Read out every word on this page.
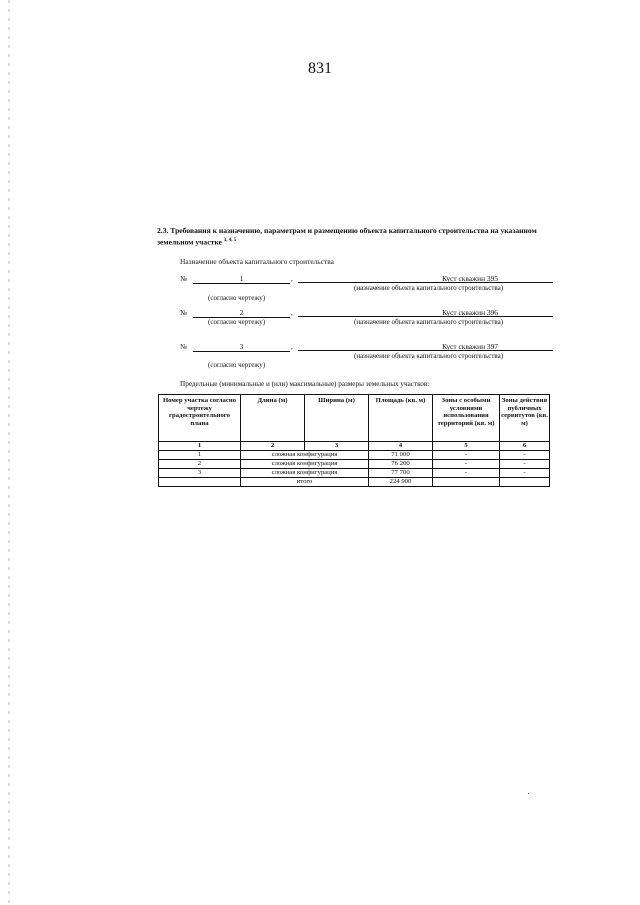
831
2.3. Требования к назначению, параметрам и размещению объекта капитального строительства на указанном земельном участке $^{3, 4, 5}$
Назначение объекта капитального строительства
№	1	,	Куст скважин 395
(согласно чертежу)
(назначение объекта капитального строительства)
№	2	,	Куст скважин 396
(согласно чертежу)	(назначение объекта капитального строительства)
№	3	,	Куст скважин 397
(согласно чертежу)
(назначение объекта капитального строительства)
Предельные (минимальные и (или) максимальные) размеры земельных участков:
Номер участка согласно чертежу градостроительного плана	Длина (м)	Ширина (м)	Площадь (кв. м)	Зоны с особыми условиями использования территорий (кв. м)	Зоны действия публичных сервитутов (кв. м)
1	2	3	4	5	6
1	сложная конфигурация		71 000	-	-
2	сложная конфигурация		76 200	-	-
3	сложная конфигурация		77 700	-	-
	итого		224 900		
